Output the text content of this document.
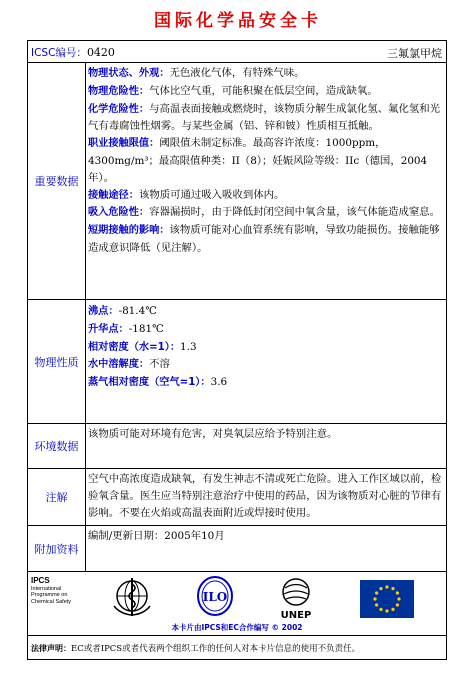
国际化学品安全卡
ICSC编号：0420	三氟氯甲烷
重要数据

物理状态、外观：无色液化气体，有特殊气味。

物理危险性：气体比空气重，可能积聚在低层空间，造成缺氧。

化学危险性：与高温表面接触或燃烧时，该物质分解生成氯化氢、氟化氢和光气有毒腐蚀性烟雾。与某些金属（铝、锌和铍）性质相互抵触。

职业接触限值：阈限值未制定标准。最高容许浓度：1000ppm，4300mg/m³；最高限值种类：II（8）；妊娠风险等级：IIc（德国，2004年）。

接触途径：该物质可通过吸入吸收到体内。

吸入危险性：容器漏损时，由于降低封闭空间中氧含量，该气体能造成窒息。

短期接触的影响：该物质可能对心血管系统有影响，导致功能损伤。接触能够造成意识降低（见注解）。

物理性质

沸点：-81.4℃

升华点：-181℃

相对密度（水=1）：1.3

水中溶解度：不溶

蒸气相对密度（空气=1）：3.6

环境数据
该物质可能对环境有危害，对臭氧层应给予特别注意。
注解
空气中高浓度造成缺氧，有发生神志不清或死亡危险。进入工作区域以前，检验氧含量。医生应当特别注意治疗中使用的药品，因为该物质对心脏的节律有影响。不要在火焰或高温表面附近或焊接时使用。
附加资料
编制/更新日期：2005年10月
IPCS
International
Programme on
Chemical Safety	ILO
UNEP
本卡片由IPCS和EC合作编写 © 2002
法律声明：EC或者IPCS或者代表两个组织工作的任何人对本卡片信息的使用不负责任。
